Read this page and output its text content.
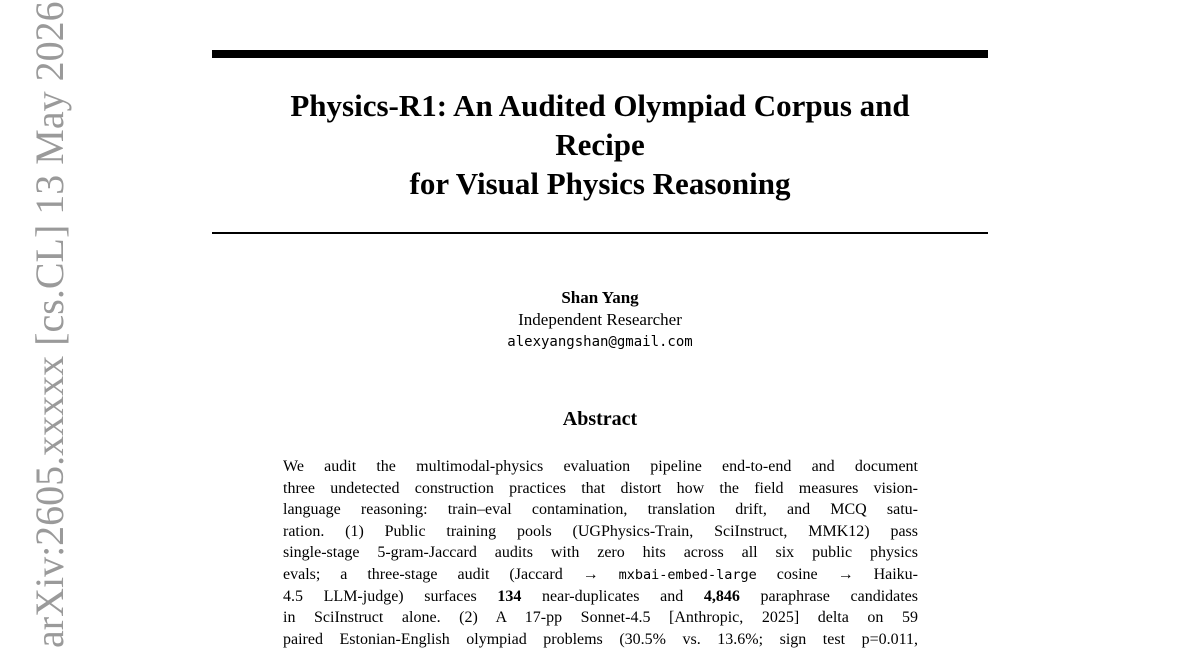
Physics-R1: An Audited Olympiad Corpus and
Recipe
for Visual Physics Reasoning
Shan Yang
Independent Researcher
alexyangshan@gmail.com
Abstract
We audit the multimodal-physics evaluation pipeline end-to-end and document
three undetected construction practices that distort how the field measures vision-
language reasoning: train–eval contamination, translation drift, and MCQ satu-
ration. (1) Public training pools (UGPhysics-Train, SciInstruct, MMK12) pass
single-stage 5-gram-Jaccard audits with zero hits across all six public physics
evals; a three-stage audit (Jaccard → mxbai-embed-large cosine → Haiku-
4.5 LLM-judge) surfaces 134 near-duplicates and 4,846 paraphrase candidates
in SciInstruct alone. (2) A 17-pp Sonnet-4.5 [Anthropic, 2025] delta on 59
paired Estonian-English olympiad problems (30.5% vs. 13.6%; sign test p=0.011,
arXiv:2605.xxxxx [cs.CL] 13 May 2026
